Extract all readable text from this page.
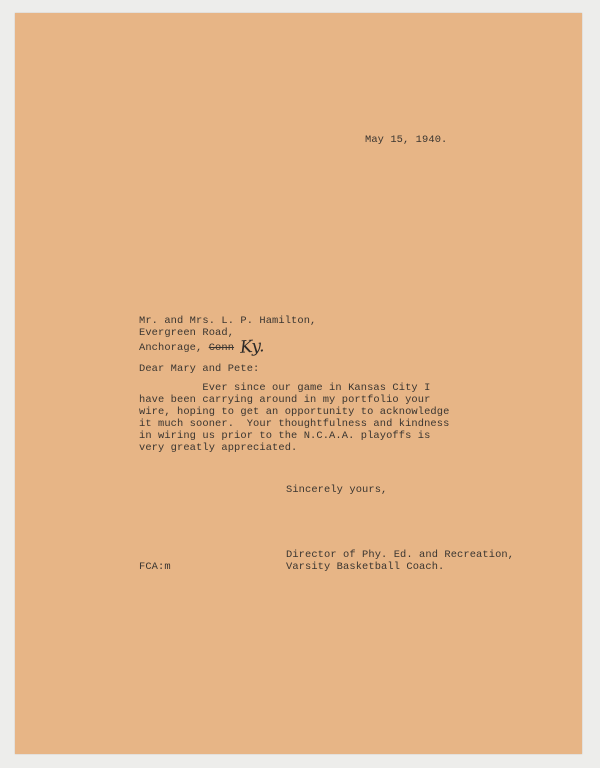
May 15, 1940.
Mr. and Mrs. L. P. Hamilton,
Evergreen Road,
Anchorage, Conn Ky.
Dear Mary and Pete:
Ever since our game in Kansas City I
have been carrying around in my portfolio your
wire, hoping to get an opportunity to acknowledge
it much sooner.  Your thoughtfulness and kindness
in wiring us prior to the N.C.A.A. playoffs is
very greatly appreciated.
Sincerely yours,
Director of Phy. Ed. and Recreation,
Varsity Basketball Coach.
FCA:m
